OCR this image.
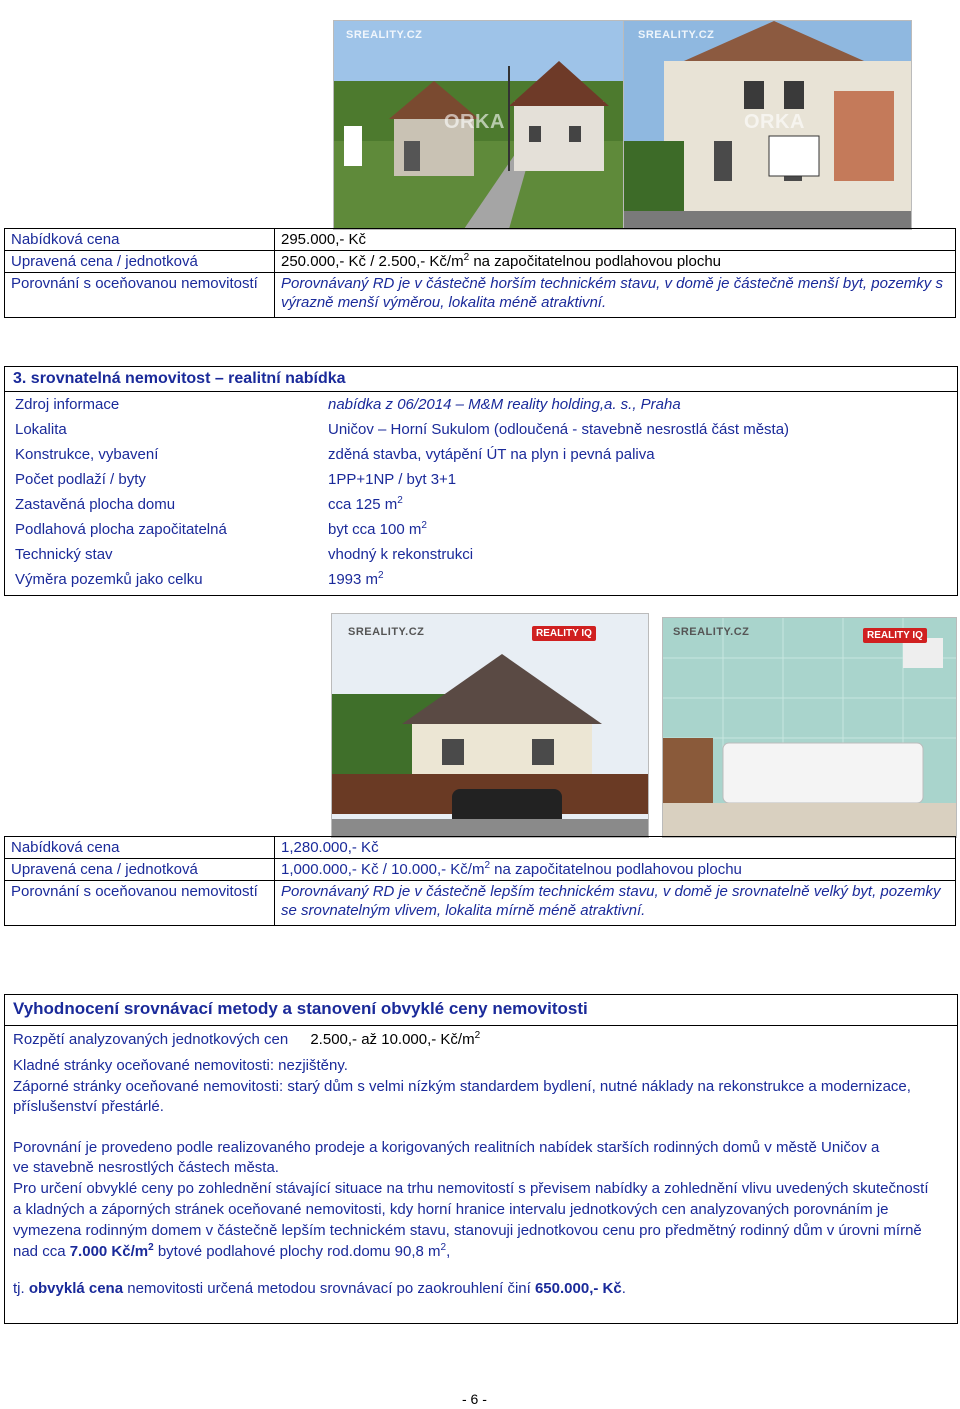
SREALITY.CZ
ORKA
SREALITY.CZ
ORKA
Nabídková cena	295.000,- Kč
Upravená cena / jednotková	250.000,- Kč / 2.500,- $Kč/m^2$ na započitatelnou podlahovou plochu
Porovnání s oceňovanou nemovitostí	Porovnávaný RD je v částečně horším technickém stavu, v domě je částečně menší byt, pozemky s výrazně menší výměrou, lokalita méně atraktivní.
3. srovnatelná nemovitost – realitní nabídka
Zdroj informace	nabídka z 06/2014 – M&M reality holding,a. s., Praha
Lokalita	Uničov – Horní Sukulom (odloučená - stavebně nesrostlá část města)
Konstrukce, vybavení	zděná stavba, vytápění ÚT na plyn i pevná paliva
Počet podlaží / byty	1PP+1NP / byt 3+1
Zastavěná plocha domu	cca 125 $m^2$
Podlahová plocha započitatelná	byt cca 100 $m^2$
Technický stav	vhodný k rekonstrukci
Výměra pozemků jako celku	1993 $m^2$
SREALITY.CZ	REALITY IQ	SREALITY.CZ	REALITY IQ
Nabídková cena	1,280.000,- Kč
Upravená cena / jednotková	1,000.000,- Kč / 10.000,- $Kč/m^2$ na započitatelnou podlahovou plochu
Porovnání s oceňovanou nemovitostí	Porovnávaný RD je v částečně lepším technickém stavu, v domě je srovnatelně velký byt, pozemky se srovnatelným vlivem, lokalita mírně méně atraktivní.
Vyhodnocení srovnávací metody a stanovení obvyklé ceny nemovitosti
Rozpětí analyzovaných jednotkových cen 2.500,- až 10.000,- $Kč/m^2$
Kladné stránky oceňované nemovitosti: nezjištěny.
Záporné stránky oceňované nemovitosti: starý dům s velmi nízkým standardem bydlení, nutné náklady na rekonstrukce a modernizace, příslušenství přestárlé.

Porovnání je provedeno podle realizovaného prodeje a korigovaných realitních nabídek starších rodinných domů v městě Uničov a ve stavebně nesrostlých částech města.

Pro určení obvyklé ceny po zohlednění stávající situace na trhu nemovitostí s převisem nabídky a zohlednění vlivu uvedených skutečností a kladných a záporných stránek oceňované nemovitosti, kdy horní hranice intervalu jednotkových cen analyzovaných porovnáním je vymezena rodinným domem v částečně lepším technickém stavu, stanovuji jednotkovou cenu pro předmětný rodinný dům v úrovni mírně nad cca 7.000 $Kč/m^2$ bytové podlahové plochy rod.domu 90,8 $m^2$,

tj. obvyklá cena nemovitosti určená metodou srovnávací po zaokrouhlení činí 650.000,- Kč.

- 6 -
